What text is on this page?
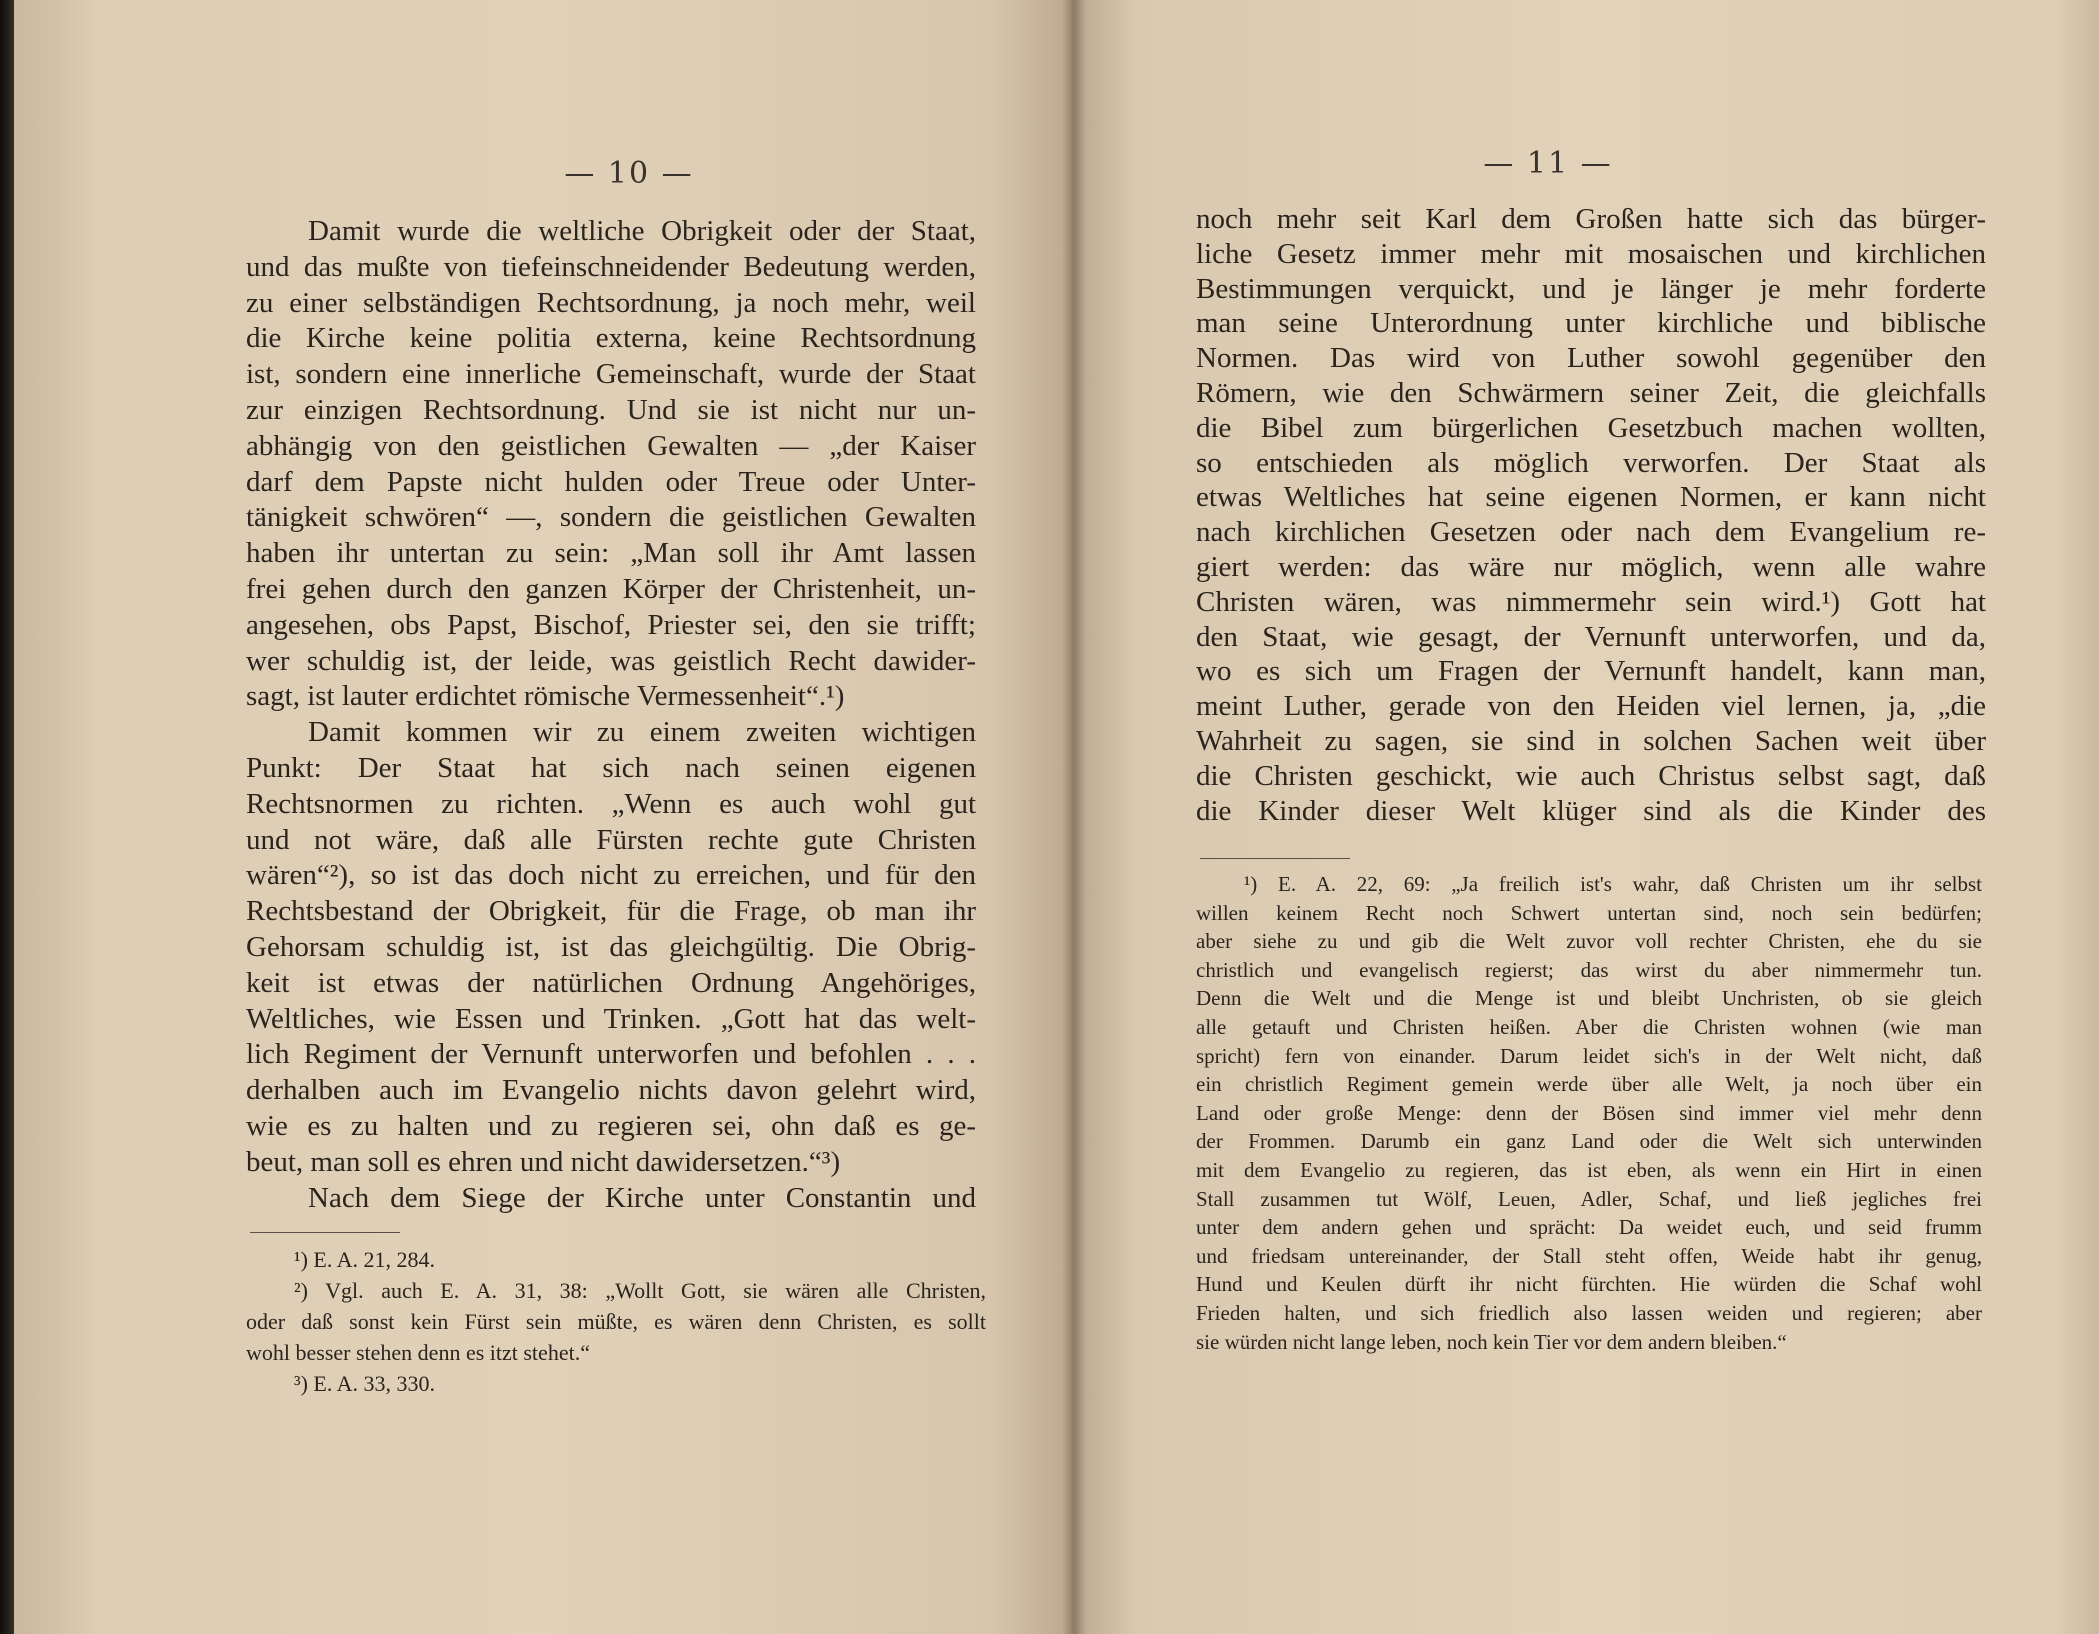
— 10 —
Damit wurde die weltliche Obrigkeit oder der Staat,
und das mußte von tiefeinschneidender Bedeutung werden,
zu einer selbständigen Rechtsordnung, ja noch mehr, weil
die Kirche keine politia externa, keine Rechtsordnung
ist, sondern eine innerliche Gemeinschaft, wurde der Staat
zur einzigen Rechtsordnung. Und sie ist nicht nur un-
abhängig von den geistlichen Gewalten — „der Kaiser
darf dem Papste nicht hulden oder Treue oder Unter-
tänigkeit schwören“ —, sondern die geistlichen Gewalten
haben ihr untertan zu sein: „Man soll ihr Amt lassen
frei gehen durch den ganzen Körper der Christenheit, un-
angesehen, obs Papst, Bischof, Priester sei, den sie trifft;
wer schuldig ist, der leide, was geistlich Recht dawider-
sagt, ist lauter erdichtet römische Vermessenheit“.¹)
Damit kommen wir zu einem zweiten wichtigen
Punkt: Der Staat hat sich nach seinen eigenen
Rechtsnormen zu richten. „Wenn es auch wohl gut
und not wäre, daß alle Fürsten rechte gute Christen
wären“²), so ist das doch nicht zu erreichen, und für den
Rechtsbestand der Obrigkeit, für die Frage, ob man ihr
Gehorsam schuldig ist, ist das gleichgültig. Die Obrig-
keit ist etwas der natürlichen Ordnung Angehöriges,
Weltliches, wie Essen und Trinken. „Gott hat das welt-
lich Regiment der Vernunft unterworfen und befohlen . . .
derhalben auch im Evangelio nichts davon gelehrt wird,
wie es zu halten und zu regieren sei, ohn daß es ge-
beut, man soll es ehren und nicht dawidersetzen.“³)
Nach dem Siege der Kirche unter Constantin und
¹) E. A. 21, 284.
²) Vgl. auch E. A. 31, 38: „Wollt Gott, sie wären alle Christen,
oder daß sonst kein Fürst sein müßte, es wären denn Christen, es sollt
wohl besser stehen denn es itzt stehet.“
³) E. A. 33, 330.
— 11 —
noch mehr seit Karl dem Großen hatte sich das bürger-
liche Gesetz immer mehr mit mosaischen und kirchlichen
Bestimmungen verquickt, und je länger je mehr forderte
man seine Unterordnung unter kirchliche und biblische
Normen. Das wird von Luther sowohl gegenüber den
Römern, wie den Schwärmern seiner Zeit, die gleichfalls
die Bibel zum bürgerlichen Gesetzbuch machen wollten,
so entschieden als möglich verworfen. Der Staat als
etwas Weltliches hat seine eigenen Normen, er kann nicht
nach kirchlichen Gesetzen oder nach dem Evangelium re-
giert werden: das wäre nur möglich, wenn alle wahre
Christen wären, was nimmermehr sein wird.¹) Gott hat
den Staat, wie gesagt, der Vernunft unterworfen, und da,
wo es sich um Fragen der Vernunft handelt, kann man,
meint Luther, gerade von den Heiden viel lernen, ja, „die
Wahrheit zu sagen, sie sind in solchen Sachen weit über
die Christen geschickt, wie auch Christus selbst sagt, daß
die Kinder dieser Welt klüger sind als die Kinder des
¹) E. A. 22, 69: „Ja freilich ist's wahr, daß Christen um ihr selbst
willen keinem Recht noch Schwert untertan sind, noch sein bedürfen;
aber siehe zu und gib die Welt zuvor voll rechter Christen, ehe du sie
christlich und evangelisch regierst; das wirst du aber nimmermehr tun.
Denn die Welt und die Menge ist und bleibt Unchristen, ob sie gleich
alle getauft und Christen heißen. Aber die Christen wohnen (wie man
spricht) fern von einander. Darum leidet sich's in der Welt nicht, daß
ein christlich Regiment gemein werde über alle Welt, ja noch über ein
Land oder große Menge: denn der Bösen sind immer viel mehr denn
der Frommen. Darumb ein ganz Land oder die Welt sich unterwinden
mit dem Evangelio zu regieren, das ist eben, als wenn ein Hirt in einen
Stall zusammen tut Wölf, Leuen, Adler, Schaf, und ließ jegliches frei
unter dem andern gehen und sprächt: Da weidet euch, und seid frumm
und friedsam untereinander, der Stall steht offen, Weide habt ihr genug,
Hund und Keulen dürft ihr nicht fürchten. Hie würden die Schaf wohl
Frieden halten, und sich friedlich also lassen weiden und regieren; aber
sie würden nicht lange leben, noch kein Tier vor dem andern bleiben.“
